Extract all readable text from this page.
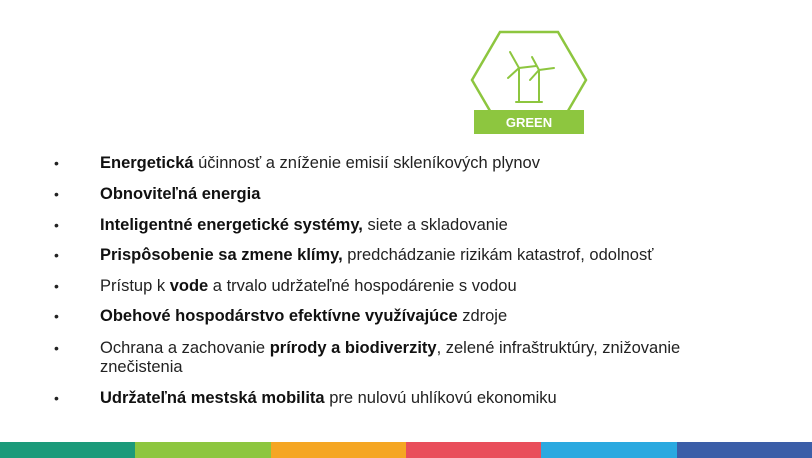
GREEN
•	Energetická účinnosť a zníženie emisií skleníkových plynov
•	Obnoviteľná energia
•	Inteligentné energetické systémy, siete a skladovanie
•	Prispôsobenie sa zmene klímy, predchádzanie rizikám katastrof, odolnosť
•	Prístup k vode a trvalo udržateľné hospodárenie s vodou
•	Obehové hospodárstvo efektívne využívajúce zdroje
•	Ochrana a zachovanie prírody a biodiverzity, zelené infraštruktúry, znižovanie znečistenia
•	Udržateľná mestská mobilita pre nulovú uhlíkovú ekonomiku
